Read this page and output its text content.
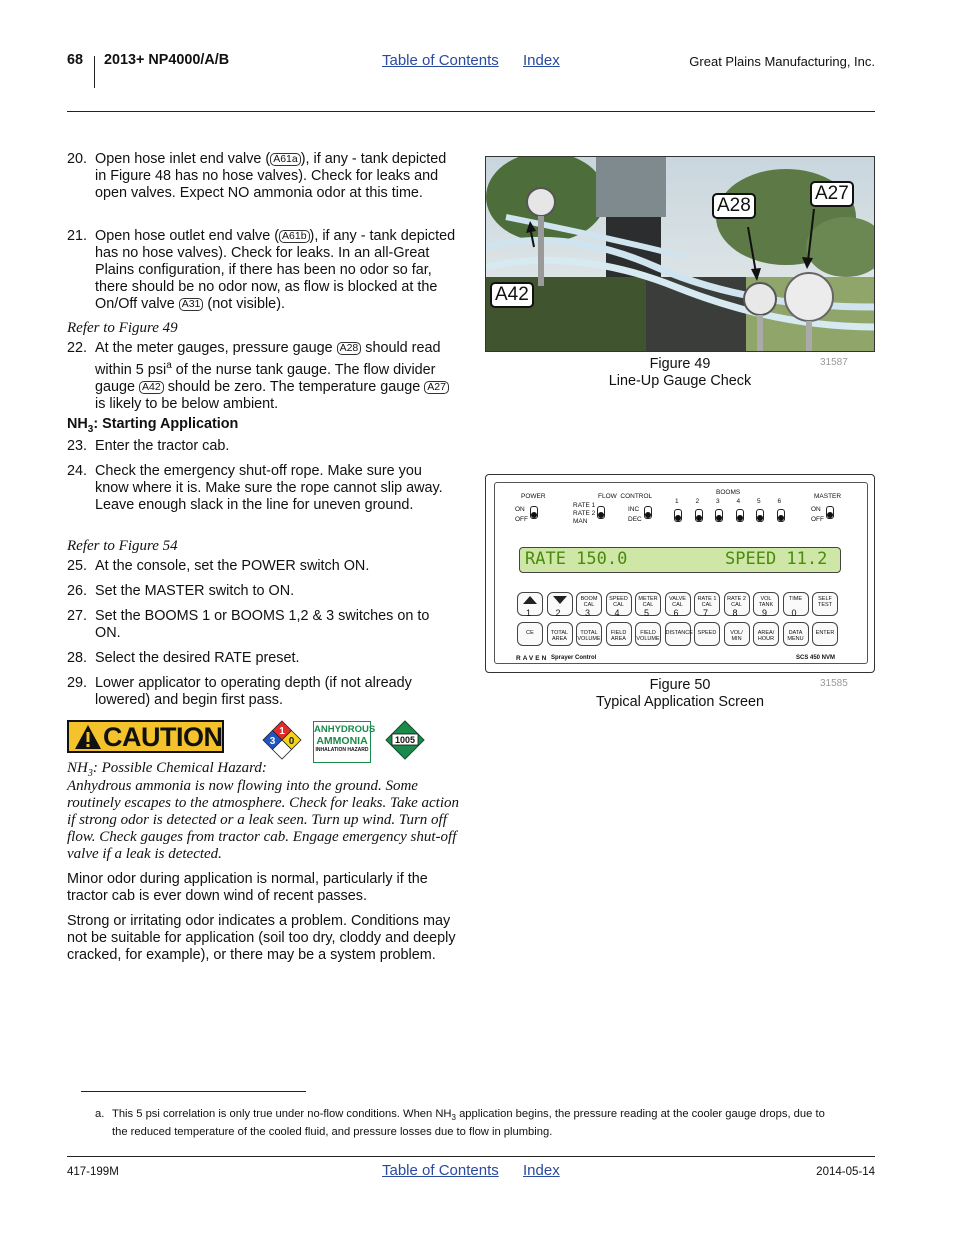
68 2013+ NP4000/A/B	Table of Contents Index	Great Plains Manufacturing, Inc.
20. Open hose inlet end valve ( A61a ), if any - tank depicted in Figure 48 has no hose valves). Check for leaks and open valves. Expect NO ammonia odor at this time.
21. Open hose outlet end valve ( A61b ), if any - tank depicted has no hose valves). Check for leaks. In an all-Great Plains configuration, if there has been no odor so far, there should be no odor now, as flow is blocked at the On/Off valve A31 (not visible).
Refer to Figure 49
22. At the meter gauges, pressure gauge A28 should read within 5 psi$^a$ of the nurse tank gauge. The flow divider gauge A42 should be zero. The temperature gauge A27 is likely to be below ambient.
$NH_3$: Starting Application
23. Enter the tractor cab.
24. Check the emergency shut-off rope. Make sure you know where it is. Make sure the rope cannot slip away. Leave enough slack in the line for uneven ground.
Refer to Figure 54
25. At the console, set the POWER switch ON.
26. Set the MASTER switch to ON.
27. Set the BOOMS 1 or BOOMS 1,2 & 3 switches on to ON.
28. Select the desired RATE preset.
29. Lower applicator to operating depth (if not already lowered) and begin first pass.
CAUTION	3
1
0
ANHYDROUS
AMMONIA
INHALATION HAZARD
1005
$NH_3$: Possible Chemical Hazard:
Anhydrous ammonia is now flowing into the ground. Some routinely escapes to the atmosphere. Check for leaks. Take action if strong odor is detected or a leak seen. Turn up wind. Turn off flow. Check gauges from tractor cab. Engage emergency shut-off valve if a leak is detected.
Minor odor during application is normal, particularly if the tractor cab is ever down wind of recent passes.
Strong or irritating odor indicates a problem. Conditions may not be suitable for application (soil too dry, cloddy and deeply cracked, for example), or there may be a system problem.
A28
A27
A42
Figure 49
Line-Up Gauge Check
31587
POWER
ON
OFF
RATE 1
RATE 2
MAN
FLOW  CONTROL
INC
DEC
BOOMS
MASTER
ON
OFF
RATE 150.0	SPEED 11.2
RAVEN Sprayer Control	SCS 450 NVM
1	2	3	4	5	6
1	2
BOOM CAL
3
SPEED CAL
4
METER CAL
5
VALVE CAL
6
RATE 1 CAL
7
RATE 2 CAL
8
VOL TANK
9
TIME
0
SELF TEST
CE	TOTAL AREA
TOTAL VOLUME
FIELD AREA
FIELD VOLUME
DISTANCE SPEED	VOL/ MIN
AREA/ HOUR
DATA MENU
ENTER
Figure 50
Typical Application Screen
31585
a. This 5 psi correlation is only true under no-flow conditions. When $NH_3$ application begins, the pressure reading at the cooler gauge drops, due to the reduced temperature of the cooled fluid, and pressure losses due to flow in plumbing.
417-199M	Table of Contents Index	2014-05-14
